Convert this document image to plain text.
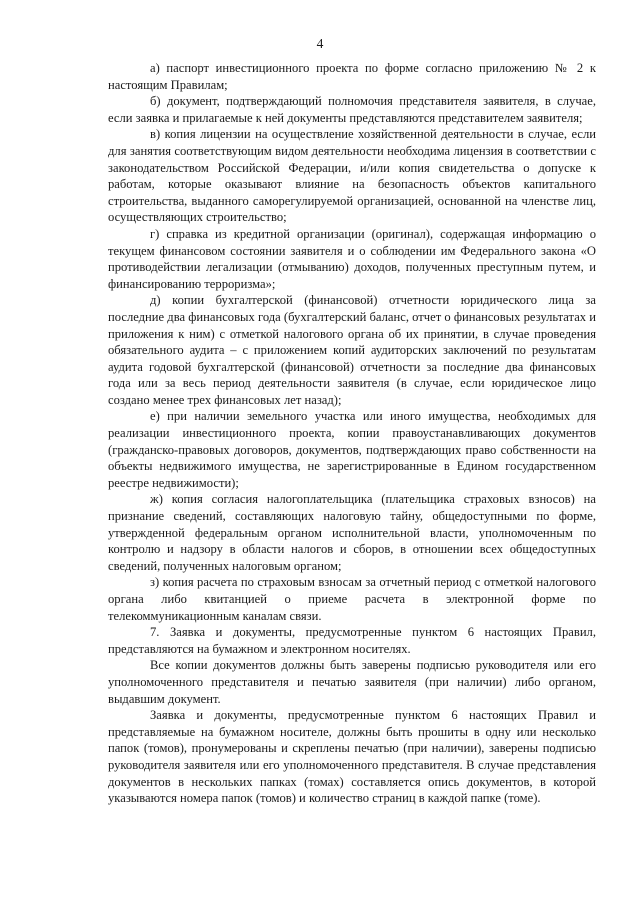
4

а) паспорт инвестиционного проекта по форме согласно приложению № 2 к настоящим Правилам;

б) документ, подтверждающий полномочия представителя заявителя, в случае, если заявка и прилагаемые к ней документы представляются представителем заявителя;

в) копия лицензии на осуществление хозяйственной деятельности в случае, если для занятия соответствующим видом деятельности необходима лицензия в соответствии с законодательством Российской Федерации, и/или копия свидетельства о допуске к работам, которые оказывают влияние на безопасность объектов капитального строительства, выданного саморегулируемой организацией, основанной на членстве лиц, осуществляющих строительство;

г) справка из кредитной организации (оригинал), содержащая информацию о текущем финансовом состоянии заявителя и о соблюдении им Федерального закона «О противодействии легализации (отмыванию) доходов, полученных преступным путем, и финансированию терроризма»;

д) копии бухгалтерской (финансовой) отчетности юридического лица за последние два финансовых года (бухгалтерский баланс, отчет о финансовых результатах и приложения к ним) с отметкой налогового органа об их принятии, в случае проведения обязательного аудита – с приложением копий аудиторских заключений по результатам аудита годовой бухгалтерской (финансовой) отчетности за последние два финансовых года или за весь период деятельности заявителя (в случае, если юридическое лицо создано менее трех финансовых лет назад);

е) при наличии земельного участка или иного имущества, необходимых для реализации инвестиционного проекта, копии правоустанавливающих документов (гражданско-правовых договоров, документов, подтверждающих право собственности на объекты недвижимого имущества, не зарегистрированные в Едином государственном реестре недвижимости);

ж) копия согласия налогоплательщика (плательщика страховых взносов) на признание сведений, составляющих налоговую тайну, общедоступными по форме, утвержденной федеральным органом исполнительной власти, уполномоченным по контролю и надзору в области налогов и сборов, в отношении всех общедоступных сведений, полученных налоговым органом;

з) копия расчета по страховым взносам за отчетный период с отметкой налогового органа либо квитанцией о приеме расчета в электронной форме по телекоммуникационным каналам связи.

7. Заявка и документы, предусмотренные пунктом 6 настоящих Правил, представляются на бумажном и электронном носителях.

Все копии документов должны быть заверены подписью руководителя или его уполномоченного представителя и печатью заявителя (при наличии) либо органом, выдавшим документ.

Заявка и документы, предусмотренные пунктом 6 настоящих Правил и представляемые на бумажном носителе, должны быть прошиты в одну или несколько папок (томов), пронумерованы и скреплены печатью (при наличии), заверены подписью руководителя заявителя или его уполномоченного представителя. В случае представления документов в нескольких папках (томах) составляется опись документов, в которой указываются номера папок (томов) и количество страниц в каждой папке (томе).
